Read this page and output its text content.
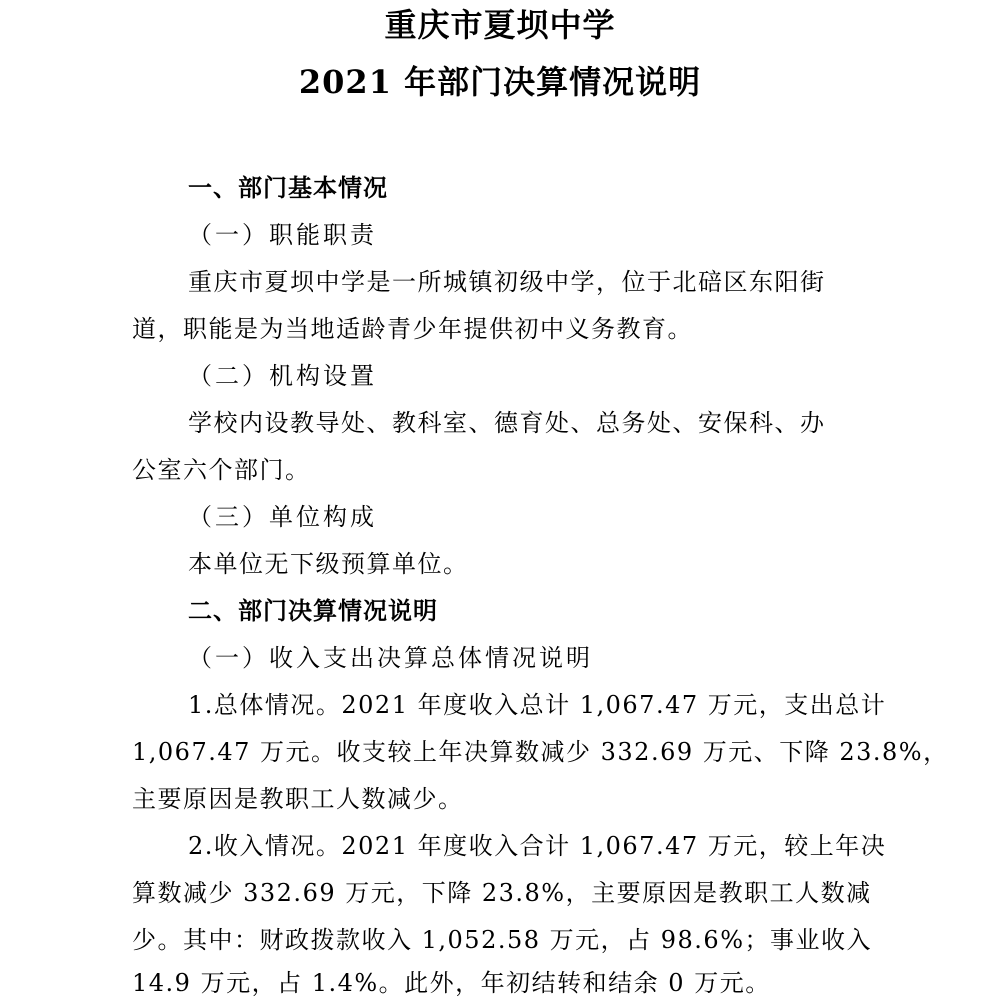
重庆市夏坝中学
2021 年部门决算情况说明
一、部门基本情况
（一）职能职责
重庆市夏坝中学是一所城镇初级中学，位于北碚区东阳街
道，职能是为当地适龄青少年提供初中义务教育。
（二）机构设置
学校内设教导处、教科室、德育处、总务处、安保科、办
公室六个部门。
（三）单位构成
本单位无下级预算单位。
二、部门决算情况说明
（一）收入支出决算总体情况说明
1.总体情况。2021 年度收入总计 1,067.47 万元，支出总计
1,067.47 万元。收支较上年决算数减少 332.69 万元、下降 23.8%，
主要原因是教职工人数减少。
2.收入情况。2021 年度收入合计 1,067.47 万元，较上年决
算数减少 332.69 万元，下降 23.8%，主要原因是教职工人数减
少。其中：财政拨款收入 1,052.58 万元，占 98.6%；事业收入
14.9 万元，占 1.4%。此外，年初结转和结余 0 万元。
